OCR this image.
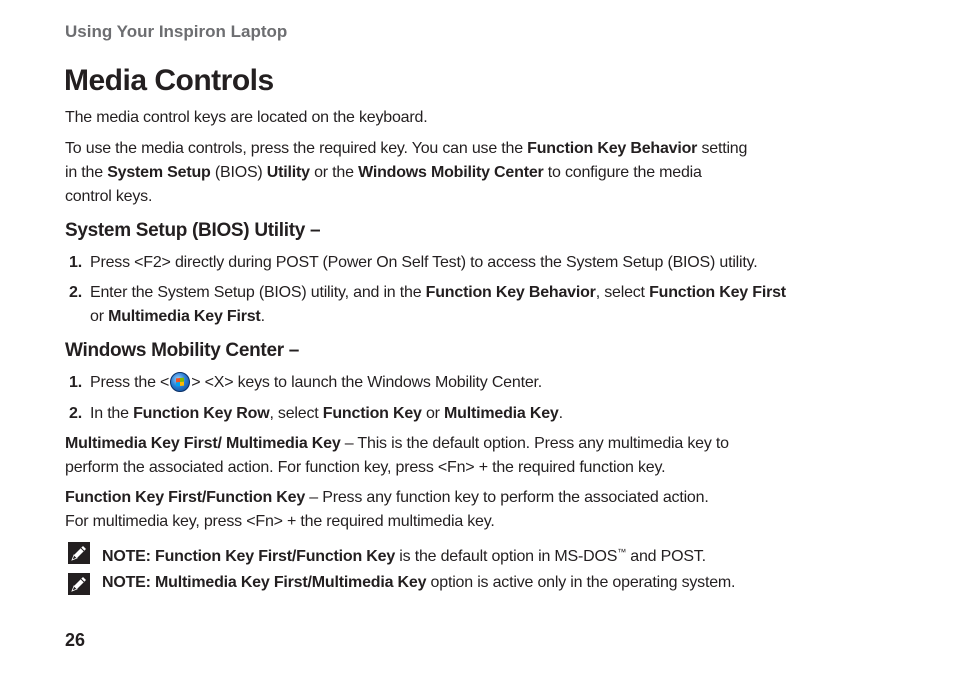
Using Your Inspiron Laptop
Media Controls

The media control keys are located on the keyboard.

To use the media controls, press the required key. You can use the Function Key Behavior setting
in the System Setup (BIOS) Utility or the Windows Mobility Center to configure the media
control keys.

System Setup (BIOS) Utility –
1. Press <F2> directly during POST (Power On Self Test) to access the System Setup (BIOS) utility.
2. Enter the System Setup (BIOS) utility, and in the Function Key Behavior, select Function Key First
or Multimedia Key First.
Windows Mobility Center –
1. Press the < > <X> keys to launch the Windows Mobility Center.
2. In the Function Key Row, select Function Key or Multimedia Key.

Multimedia Key First/ Multimedia Key – This is the default option. Press any multimedia key to
perform the associated action. For function key, press <Fn> + the required function key.

Function Key First/Function Key – Press any function key to perform the associated action.
For multimedia key, press <Fn> + the required multimedia key.

NOTE: Function Key First/Function Key is the default option in MS-DOS™ and POST.
NOTE: Multimedia Key First/Multimedia Key option is active only in the operating system.
26
